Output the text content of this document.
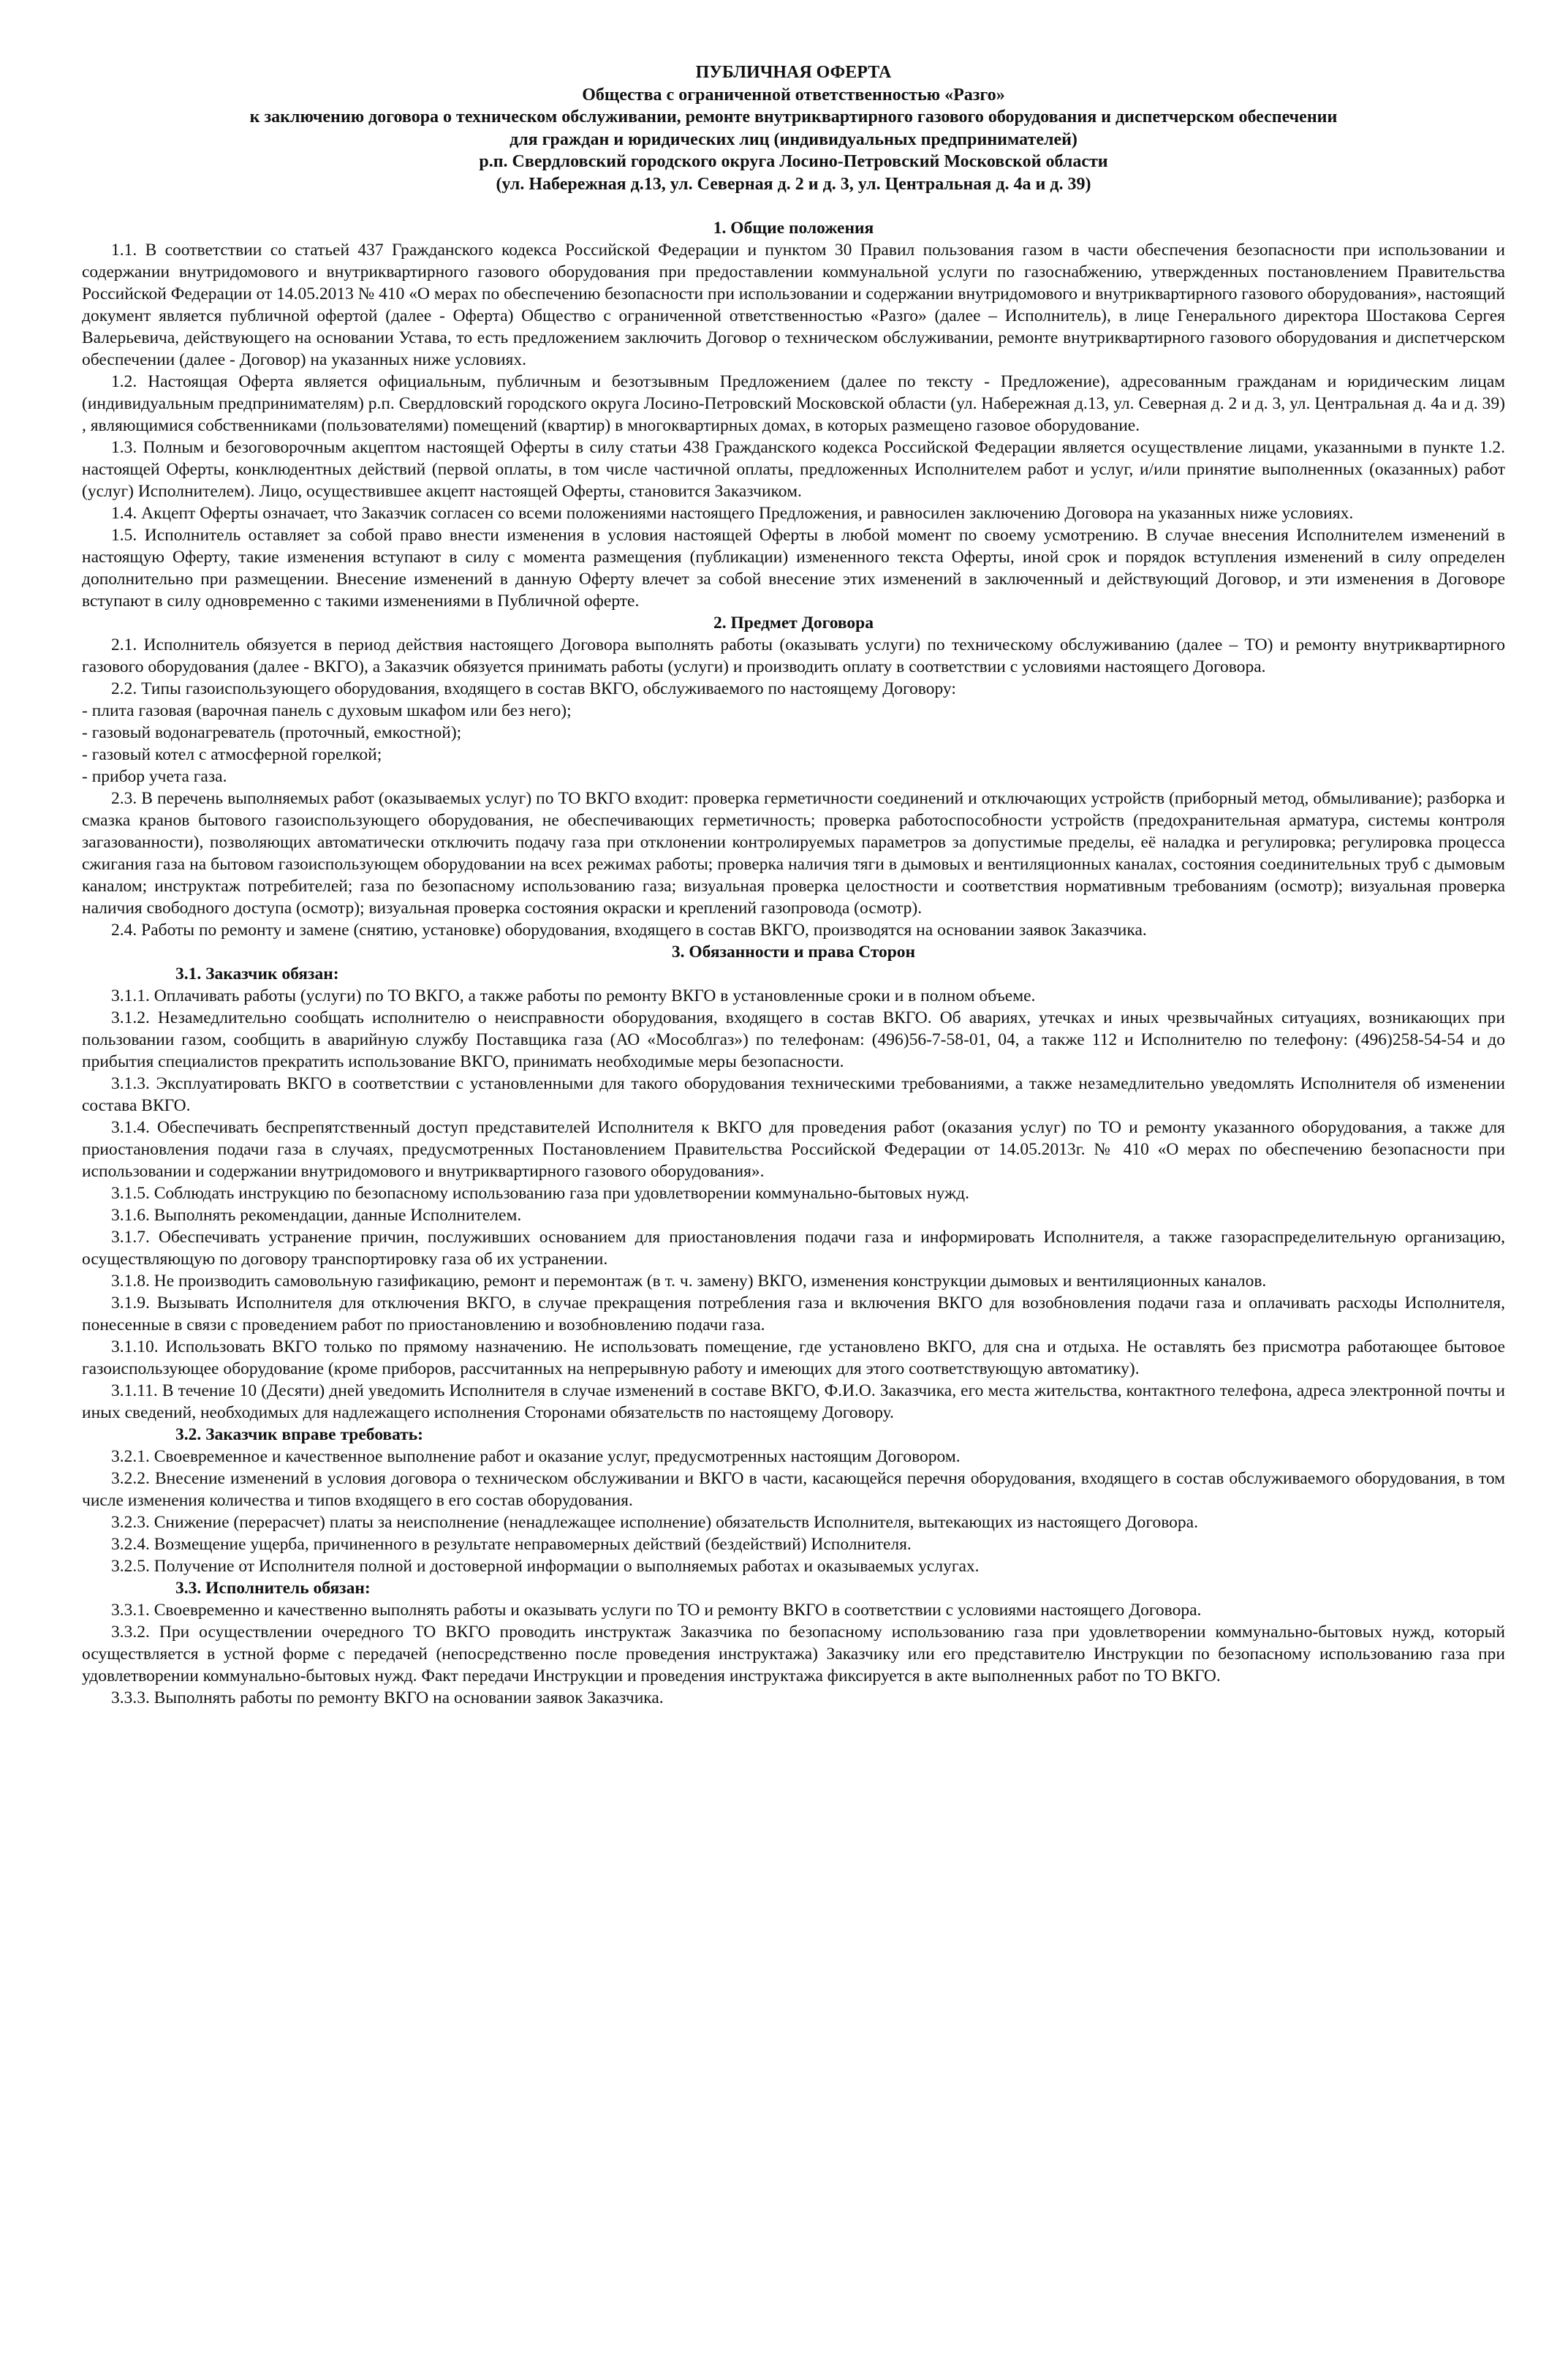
ПУБЛИЧНАЯ ОФЕРТА
Общества с ограниченной ответственностью «Разго»
к заключению договора о техническом обслуживании, ремонте внутриквартирного газового оборудования и диспетчерском обеспечении
для граждан и юридических лиц (индивидуальных предпринимателей)
р.п. Свердловский городского округа Лосино-Петровский Московской области
(ул. Набережная д.13, ул. Северная д. 2 и д. 3, ул. Центральная д. 4а и д. 39)
1. Общие положения

1.1. В соответствии со статьей 437 Гражданского кодекса Российской Федерации и пунктом 30 Правил пользования газом в части обеспечения безопасности при использовании и содержании внутридомового и внутриквартирного газового оборудования при предоставлении коммунальной услуги по газоснабжению, утвержденных постановлением Правительства Российской Федерации от 14.05.2013 № 410 «О мерах по обеспечению безопасности при использовании и содержании внутридомового и внутриквартирного газового оборудования», настоящий документ является публичной офертой (далее - Оферта) Общество с ограниченной ответственностью «Разго» (далее – Исполнитель), в лице Генерального директора Шостакова Сергея Валерьевича, действующего на основании Устава, то есть предложением заключить Договор о техническом обслуживании, ремонте внутриквартирного газового оборудования и диспетчерском обеспечении (далее - Договор) на указанных ниже условиях.

1.2. Настоящая Оферта является официальным, публичным и безотзывным Предложением (далее по тексту - Предложение), адресованным гражданам и юридическим лицам (индивидуальным предпринимателям) р.п. Свердловский городского округа Лосино-Петровский Московской области (ул. Набережная д.13, ул. Северная д. 2 и д. 3, ул. Центральная д. 4а и д. 39) , являющимися собственниками (пользователями) помещений (квартир) в многоквартирных домах, в которых размещено газовое оборудование.

1.3. Полным и безоговорочным акцептом настоящей Оферты в силу статьи 438 Гражданского кодекса Российской Федерации является осуществление лицами, указанными в пункте 1.2. настоящей Оферты, конклюдентных действий (первой оплаты, в том числе частичной оплаты, предложенных Исполнителем работ и услуг, и/или принятие выполненных (оказанных) работ (услуг) Исполнителем). Лицо, осуществившее акцепт настоящей Оферты, становится Заказчиком.

1.4. Акцепт Оферты означает, что Заказчик согласен со всеми положениями настоящего Предложения, и равносилен заключению Договора на указанных ниже условиях.

1.5. Исполнитель оставляет за собой право внести изменения в условия настоящей Оферты в любой момент по своему усмотрению. В случае внесения Исполнителем изменений в настоящую Оферту, такие изменения вступают в силу с момента размещения (публикации) измененного текста Оферты, иной срок и порядок вступления изменений в силу определен дополнительно при размещении. Внесение изменений в данную Оферту влечет за собой внесение этих изменений в заключенный и действующий Договор, и эти изменения в Договоре вступают в силу одновременно с такими изменениями в Публичной оферте.

2. Предмет Договора

2.1. Исполнитель обязуется в период действия настоящего Договора выполнять работы (оказывать услуги) по техническому обслуживанию (далее – ТО) и ремонту внутриквартирного газового оборудования (далее - ВКГО), а Заказчик обязуется принимать работы (услуги) и производить оплату в соответствии с условиями настоящего Договора.

2.2. Типы газоиспользующего оборудования, входящего в состав ВКГО, обслуживаемого по настоящему Договору:

- плита газовая (варочная панель с духовым шкафом или без него);

- газовый водонагреватель (проточный, емкостной);

- газовый котел с атмосферной горелкой;

- прибор учета газа.

2.3. В перечень выполняемых работ (оказываемых услуг) по ТО ВКГО входит: проверка герметичности соединений и отключающих устройств (приборный метод, обмыливание); разборка и смазка кранов бытового газоиспользующего оборудования, не обеспечивающих герметичность; проверка работоспособности устройств (предохранительная арматура, системы контроля загазованности), позволяющих автоматически отключить подачу газа при отклонении контролируемых параметров за допустимые пределы, её наладка и регулировка; регулировка процесса сжигания газа на бытовом газоиспользующем оборудовании на всех режимах работы; проверка наличия тяги в дымовых и вентиляционных каналах, состояния соединительных труб с дымовым каналом; инструктаж потребителей; газа по безопасному использованию газа; визуальная проверка целостности и соответствия нормативным требованиям (осмотр); визуальная проверка наличия свободного доступа (осмотр); визуальная проверка состояния окраски и креплений газопровода (осмотр).

2.4. Работы по ремонту и замене (снятию, установке) оборудования, входящего в состав ВКГО, производятся на основании заявок Заказчика.

3. Обязанности и права Сторон
3.1. Заказчик обязан:

3.1.1. Оплачивать работы (услуги) по ТО ВКГО, а также работы по ремонту ВКГО в установленные сроки и в полном объеме.

3.1.2. Незамедлительно сообщать исполнителю о неисправности оборудования, входящего в состав ВКГО. Об авариях, утечках и иных чрезвычайных ситуациях, возникающих при пользовании газом, сообщить в аварийную службу Поставщика газа (АО «Мособлгаз») по телефонам: (496)56-7-58-01, 04, а также 112 и Исполнителю по телефону: (496)258-54-54 и до прибытия специалистов прекратить использование ВКГО, принимать необходимые меры безопасности.

3.1.3. Эксплуатировать ВКГО в соответствии с установленными для такого оборудования техническими требованиями, а также незамедлительно уведомлять Исполнителя об изменении состава ВКГО.

3.1.4. Обеспечивать беспрепятственный доступ представителей Исполнителя к ВКГО для проведения работ (оказания услуг) по ТО и ремонту указанного оборудования, а также для приостановления подачи газа в случаях, предусмотренных Постановлением Правительства Российской Федерации от 14.05.2013г. № 410 «О мерах по обеспечению безопасности при использовании и содержании внутридомового и внутриквартирного газового оборудования».

3.1.5. Соблюдать инструкцию по безопасному использованию газа при удовлетворении коммунально-бытовых нужд.

3.1.6. Выполнять рекомендации, данные Исполнителем.

3.1.7. Обеспечивать устранение причин, послуживших основанием для приостановления подачи газа и информировать Исполнителя, а также газораспределительную организацию, осуществляющую по договору транспортировку газа об их устранении.

3.1.8. Не производить самовольную газификацию, ремонт и перемонтаж (в т. ч. замену) ВКГО, изменения конструкции дымовых и вентиляционных каналов.

3.1.9. Вызывать Исполнителя для отключения ВКГО, в случае прекращения потребления газа и включения ВКГО для возобновления подачи газа и оплачивать расходы Исполнителя, понесенные в связи с проведением работ по приостановлению и возобновлению подачи газа.

3.1.10. Использовать ВКГО только по прямому назначению. Не использовать помещение, где установлено ВКГО, для сна и отдыха. Не оставлять без присмотра работающее бытовое газоиспользующее оборудование (кроме приборов, рассчитанных на непрерывную работу и имеющих для этого соответствующую автоматику).

3.1.11. В течение 10 (Десяти) дней уведомить Исполнителя в случае изменений в составе ВКГО, Ф.И.О. Заказчика, его места жительства, контактного телефона, адреса электронной почты и иных сведений, необходимых для надлежащего исполнения Сторонами обязательств по настоящему Договору.

3.2. Заказчик вправе требовать:

3.2.1. Своевременное и качественное выполнение работ и оказание услуг, предусмотренных настоящим Договором.

3.2.2. Внесение изменений в условия договора о техническом обслуживании и ВКГО в части, касающейся перечня оборудования, входящего в состав обслуживаемого оборудования, в том числе изменения количества и типов входящего в его состав оборудования.

3.2.3. Снижение (перерасчет) платы за неисполнение (ненадлежащее исполнение) обязательств Исполнителя, вытекающих из настоящего Договора.

3.2.4. Возмещение ущерба, причиненного в результате неправомерных действий (бездействий) Исполнителя.

3.2.5. Получение от Исполнителя полной и достоверной информации о выполняемых работах и оказываемых услугах.

3.3. Исполнитель обязан:

3.3.1. Своевременно и качественно выполнять работы и оказывать услуги по ТО и ремонту ВКГО в соответствии с условиями настоящего Договора.

3.3.2. При осуществлении очередного ТО ВКГО проводить инструктаж Заказчика по безопасному использованию газа при удовлетворении коммунально-бытовых нужд, который осуществляется в устной форме с передачей (непосредственно после проведения инструктажа) Заказчику или его представителю Инструкции по безопасному использованию газа при удовлетворении коммунально-бытовых нужд. Факт передачи Инструкции и проведения инструктажа фиксируется в акте выполненных работ по ТО ВКГО.

3.3.3. Выполнять работы по ремонту ВКГО на основании заявок Заказчика.
